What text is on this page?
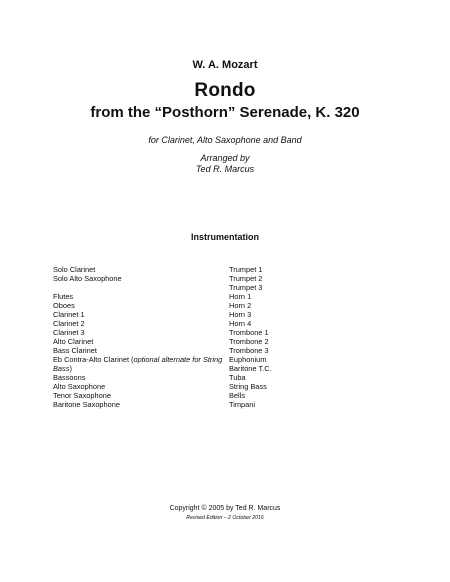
W. A. Mozart
Rondo
from the “Posthorn” Serenade, K. 320
for Clarinet, Alto Saxophone and Band
Arranged by
Ted R. Marcus
Instrumentation
Solo Clarinet
Solo Alto Saxophone
Flutes
Oboes
Clarinet 1
Clarinet 2
Clarinet 3
Alto Clarinet
Bass Clarinet
Eb Contra-Alto Clarinet (optional alternate for String
Bass)
Bassoons
Alto Saxophone
Tenor Saxophone
Baritone Saxophone
Trumpet 1
Trumpet 2
Trumpet 3
Horn 1
Horn 2
Horn 3
Horn 4
Trombone 1
Trombone 2
Trombone 3
Euphonium
Baritone T.C.
Tuba
String Bass
Bells
Timpani
Copyright © 2005 by Ted R. Marcus
Revised Edition – 2 October 2016
